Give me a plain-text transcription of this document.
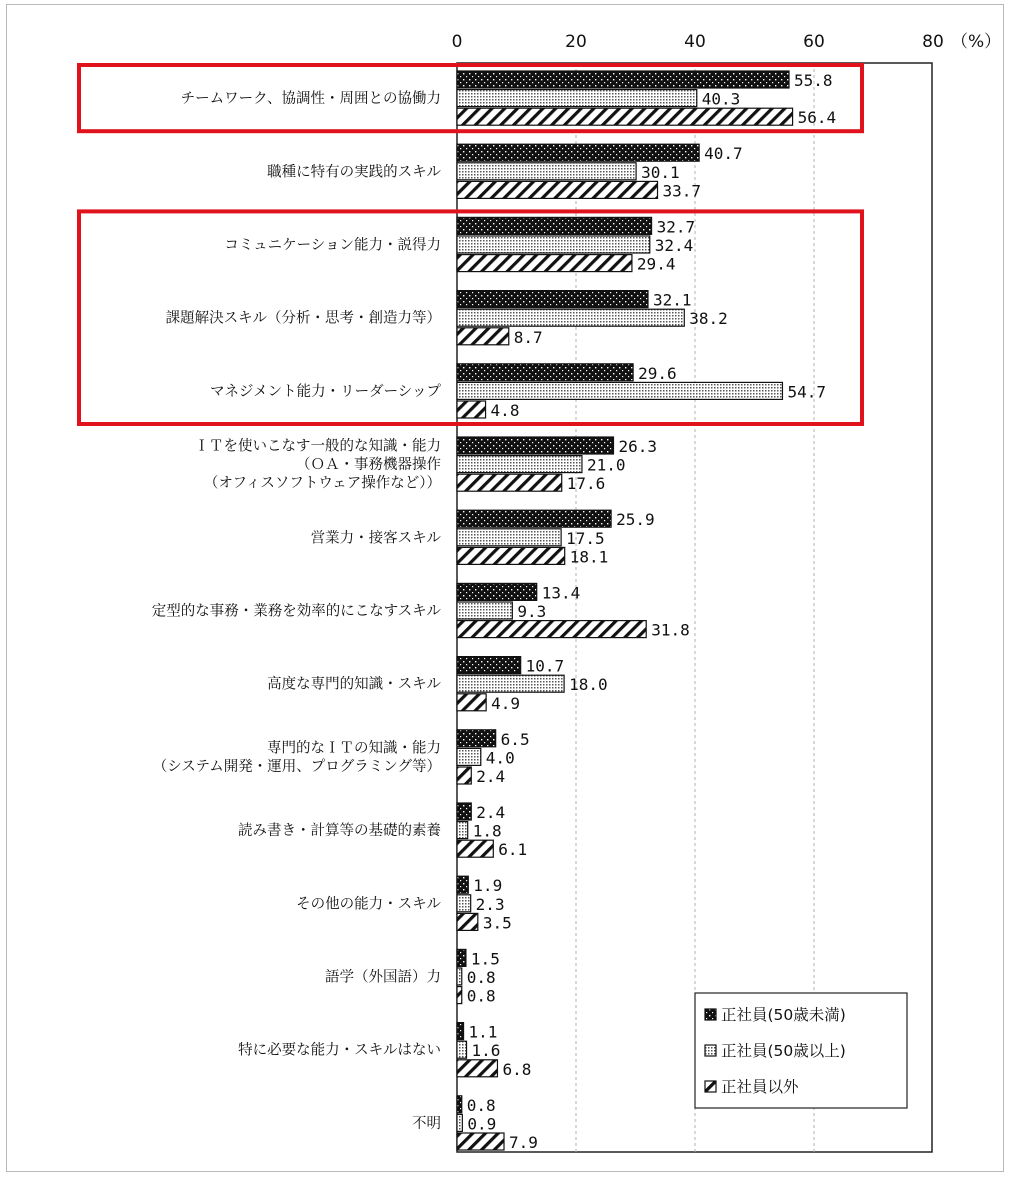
0	20	40	60	80 （%）
チームワーク、協調性・周囲との協働力
55.8
40.3
56.4
職種に特有の実践的スキル
40.7
30.1
33.7
コミュニケーション能力・説得力
32.7
32.4
29.4
課題解決スキル（分析・思考・創造力等）
32.1
38.2
8.7
マネジメント能力・リーダーシップ
29.6
54.7
4.8
ＩＴを使いこなす一般的な知識・能力
（ＯＡ・事務機器操作
（オフィスソフトウェア操作など））
26.3
21.0
17.6
営業力・接客スキル
25.9
17.5
18.1
定型的な事務・業務を効率的にこなすスキル
13.4
9.3
31.8
高度な専門的知識・スキル
10.7
18.0
4.9
専門的なＩＴの知識・能力
（システム開発・運用、プログラミング等）
6.5
4.0
2.4
読み書き・計算等の基礎的素養
2.4
1.8
6.1
その他の能力・スキル
1.9
2.3
3.5
語学（外国語）力
1.5
0.8
0.8
特に必要な能力・スキルはない
1.1
1.6
6.8
不明
0.8
0.9
7.9
正社員(50歳未満)
正社員(50歳以上)
正社員以外
